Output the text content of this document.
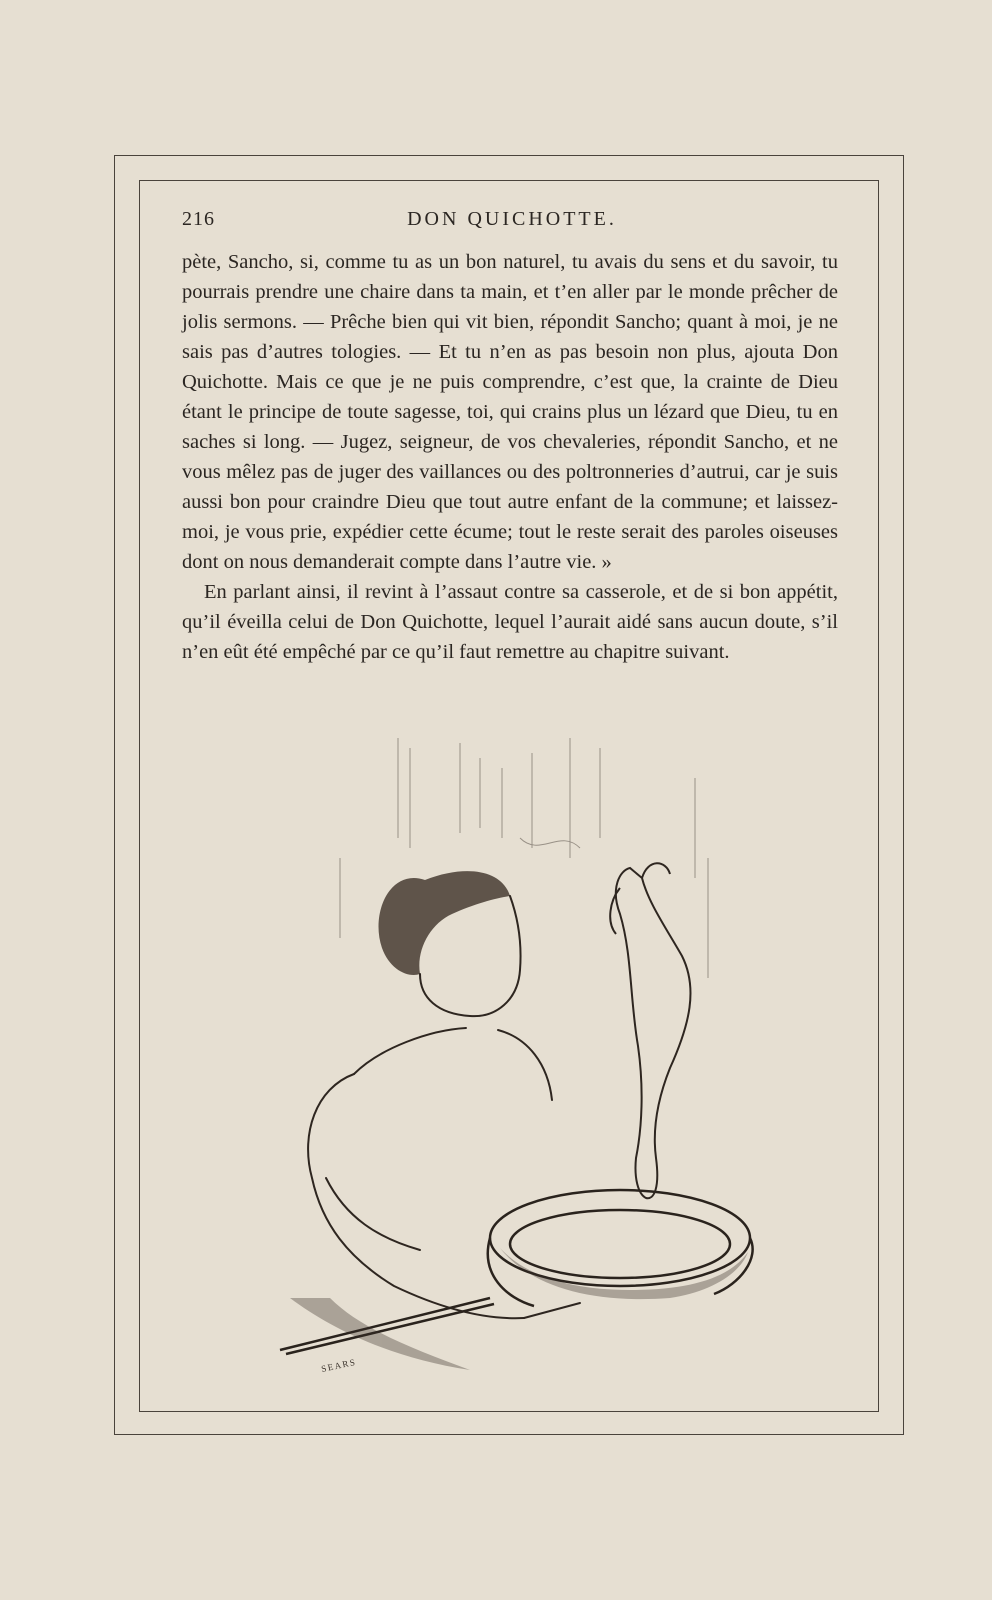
216	DON QUICHOTTE.

pète, Sancho, si, comme tu as un bon naturel, tu avais du sens et du savoir, tu pourrais prendre une chaire dans ta main, et t’en aller par le monde prêcher de jolis sermons. — Prêche bien qui vit bien, répondit Sancho; quant à moi, je ne sais pas d’autres tologies. — Et tu n’en as pas besoin non plus, ajouta Don Quichotte. Mais ce que je ne puis comprendre, c’est que, la crainte de Dieu étant le principe de toute sagesse, toi, qui crains plus un lézard que Dieu, tu en saches si long. — Jugez, seigneur, de vos chevaleries, répondit Sancho, et ne vous mêlez pas de juger des vaillances ou des poltronneries d’autrui, car je suis aussi bon pour craindre Dieu que tout autre enfant de la commune; et laissez-moi, je vous prie, expédier cette écume; tout le reste serait des paroles oiseuses dont on nous demanderait compte dans l’autre vie. »

En parlant ainsi, il revint à l’assaut contre sa casserole, et de si bon appétit, qu’il éveilla celui de Don Quichotte, lequel l’aurait aidé sans aucun doute, s’il n’en eût été empêché par ce qu’il faut remettre au chapitre suivant.

SEARS
